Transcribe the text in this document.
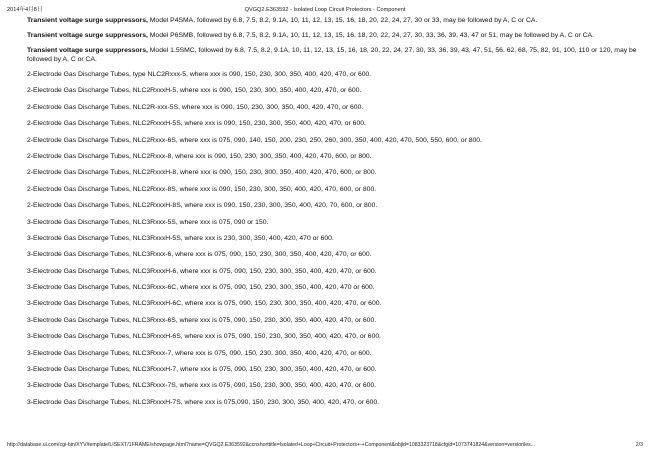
2014年4月8日	QVGQ2.E363592 - Isolated Loop Circuit Protectors - Component

Transient voltage surge suppressors, Model P4SMA, followed by 6.8, 7.5, 8.2, 9.1A, 10, 11, 12, 13, 15, 16, 18, 20, 22, 24, 27, 30 or 33, may be followed by A, C or CA.

Transient voltage surge suppressors, Model P6SMB, followed by 6.8, 7.5, 8.2, 9.1A, 10, 11, 12, 13, 15, 16, 18, 20, 22, 24, 27, 30, 33, 36, 39, 43, 47 or 51, may be followed by A, C or CA.

Transient voltage surge suppressors, Model 1.5SMC, followed by 6.8, 7.5, 8.2, 9.1A, 10, 11, 12, 13, 15, 16, 18, 20, 22, 24, 27, 30, 33, 36, 39, 43, 47, 51, 56, 62, 68, 75, 82, 91, 100, 110 or 120, may be followed by A, C or CA.

2-Electrode Gas Discharge Tubes, type NLC2Rxxx-5, where xxx is 090, 150, 230, 300, 350, 400, 420, 470, or 600.

2-Electrode Gas Discharge Tubes, NLC2RxxxH-5, where xxx is 090, 150, 230, 300, 350, 400, 420, 470, or 600.

2-Electrode Gas Discharge Tubes, NLC2R-xxx-5S, where xxx is 090, 150, 230, 300, 350, 400, 420, 470, or 600.

2-Electrode Gas Discharge Tubes, NLC2RxxxH-5S, where xxx is 090, 150, 230, 300, 350, 400, 420, 470, or 600.

2-Electrode Gas Discharge Tubes, NLC2Rxxx-6S, where xxx is 075, 090, 140, 150, 200, 230, 250, 260, 300, 350, 400, 420, 470, 500, 550, 600, or 800.

2-Electrode Gas Discharge Tubes, NLC2Rxxx-8, where xxx is 090, 150, 230, 300, 350, 400, 420, 470, 600, or 800.

2-Electrode Gas Discharge Tubes, NLC2RxxxH-8, where xxx is 090, 150, 230, 300, 350, 400, 420, 470, 600, or 800.

2-Electrode Gas Discharge Tubes, NLC2Rxxx-8S, where xxx is 090, 150, 230, 300, 350, 400, 420, 470, 600, or 800.

2-Electrode Gas Discharge Tubes, NLC2RxxxH-8S, where xxx is 090, 150, 230, 300, 350, 400, 420, 70, 600, or 800.

3-Electrode Gas Discharge Tubes, NLC3Rxxx-5S, where xxx is 075, 090 or 150.

3-Electrode Gas Discharge Tubes, NLC3RxxxH-5S, where xxx is 230, 300, 350, 400, 420, 470 or 600.

3-Electrode Gas Discharge Tubes, NLC3Rxxx-6, where xxx is 075, 090, 150, 230, 300, 350, 400, 420, 470, or 600.

3-Electrode Gas Discharge Tubes, NLC3RxxxH-6, where xxx is 075, 090, 150, 230, 300, 350, 400, 420, 470, or 600.

3-Electrode Gas Discharge Tubes, NLC3Rxxx-6C, where xxx is 075, 090, 150, 230, 300, 350, 400, 420, 470 or 600.

3-Electrode Gas Discharge Tubes, NLC3RxxxH-6C, where xxx is 075, 090, 150, 230, 300, 350, 400, 420, 470, or 600.

3-Electrode Gas Discharge Tubes, NLC3Rxxx-6S, where xxx is 075, 090, 150, 230, 300, 350, 400, 420, 470, or 600.

3-Electrode Gas Discharge Tubes, NLC3RxxxH-6S, where xxx is 075, 090, 150, 230, 300, 350, 400, 420, 470, or 600.

3-Electrode Gas Discharge Tubes, NLC3Rxxx-7, where xxx is 075, 090, 150, 230, 300, 350, 400, 420, 470, or 600.

3-Electrode Gas Discharge Tubes, NLC3RxxxH-7, where xxx is 075, 090, 150, 230, 300, 350, 400, 420, 470, or 600.

3-Electrode Gas Discharge Tubes, NLC3Rxxx-7S, where xxx is 075, 090, 150, 230, 300, 350, 400, 420, 470, or 600.

3-Electrode Gas Discharge Tubes, NLC3RxxxH-7S, where xxx is 075,090, 150, 230, 300, 350, 400, 420, 470, or 600.

http://database.ul.com/cgi-bin/XYV/template/LISEXT/1FRAME/showpage.html?name=QVGQ2.E363592&ccnshorttitle=Isolated+Loop+Circuit+Protectors+-+Component&objid=1083323718&cfgid=1073741824&version=versionles...	2/3
